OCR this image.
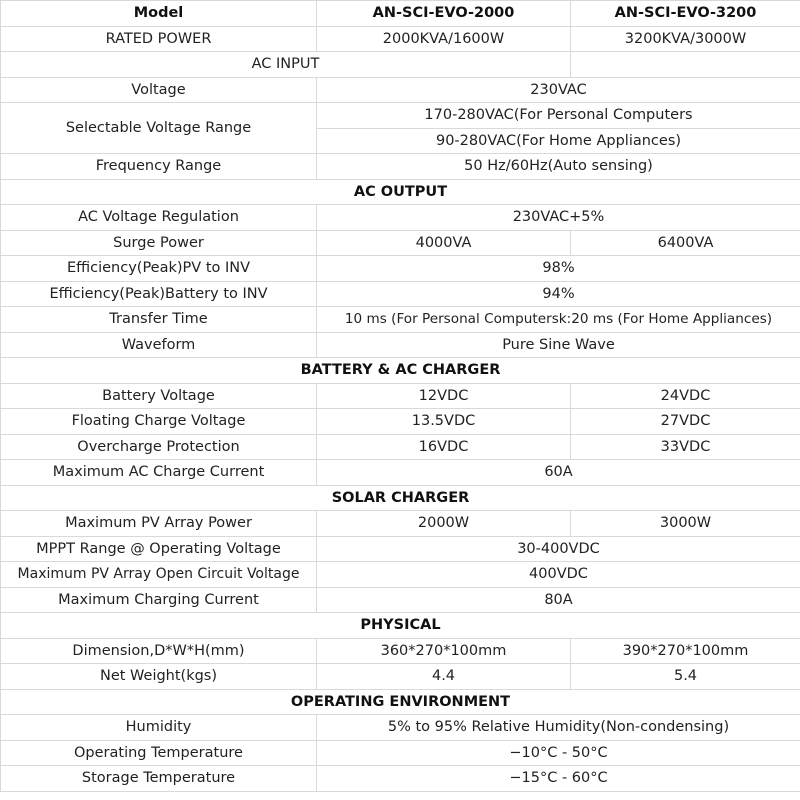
Model	AN-SCI-EVO-2000	AN-SCI-EVO-3200
RATED POWER	2000KVA/1600W	3200KVA/3000W
AC INPUT		
Voltage	230VAC	
Selectable Voltage Range	170-280VAC(For Personal Computers	
	90-280VAC(For Home Appliances)	
Frequency Range	50 Hz/60Hz(Auto sensing)	
AC OUTPUT		
AC Voltage Regulation	230VAC+5%	
Surge Power	4000VA	6400VA
Efficiency(Peak)PV to INV	98%	
Efficiency(Peak)Battery to INV	94%	
Transfer Time	10 ms (For Personal Computersk:20 ms (For Home Appliances)	
Waveform	Pure Sine Wave	
BATTERY & AC CHARGER		
Battery Voltage	12VDC	24VDC
Floating Charge Voltage	13.5VDC	27VDC
Overcharge Protection	16VDC	33VDC
Maximum AC Charge Current	60A	
SOLAR CHARGER		
Maximum PV Array Power	2000W	3000W
MPPT Range @ Operating Voltage	30-400VDC	
Maximum PV Array Open Circuit Voltage	400VDC	
Maximum Charging Current	80A	
PHYSICAL		
Dimension,D*W*H(mm)	360*270*100mm	390*270*100mm
Net Weight(kgs)	4.4	5.4
OPERATING ENVIRONMENT		
Humidity	5% to 95% Relative Humidity(Non-condensing)	
Operating Temperature	−10°C - 50°C	
Storage Temperature	−15°C - 60°C	
